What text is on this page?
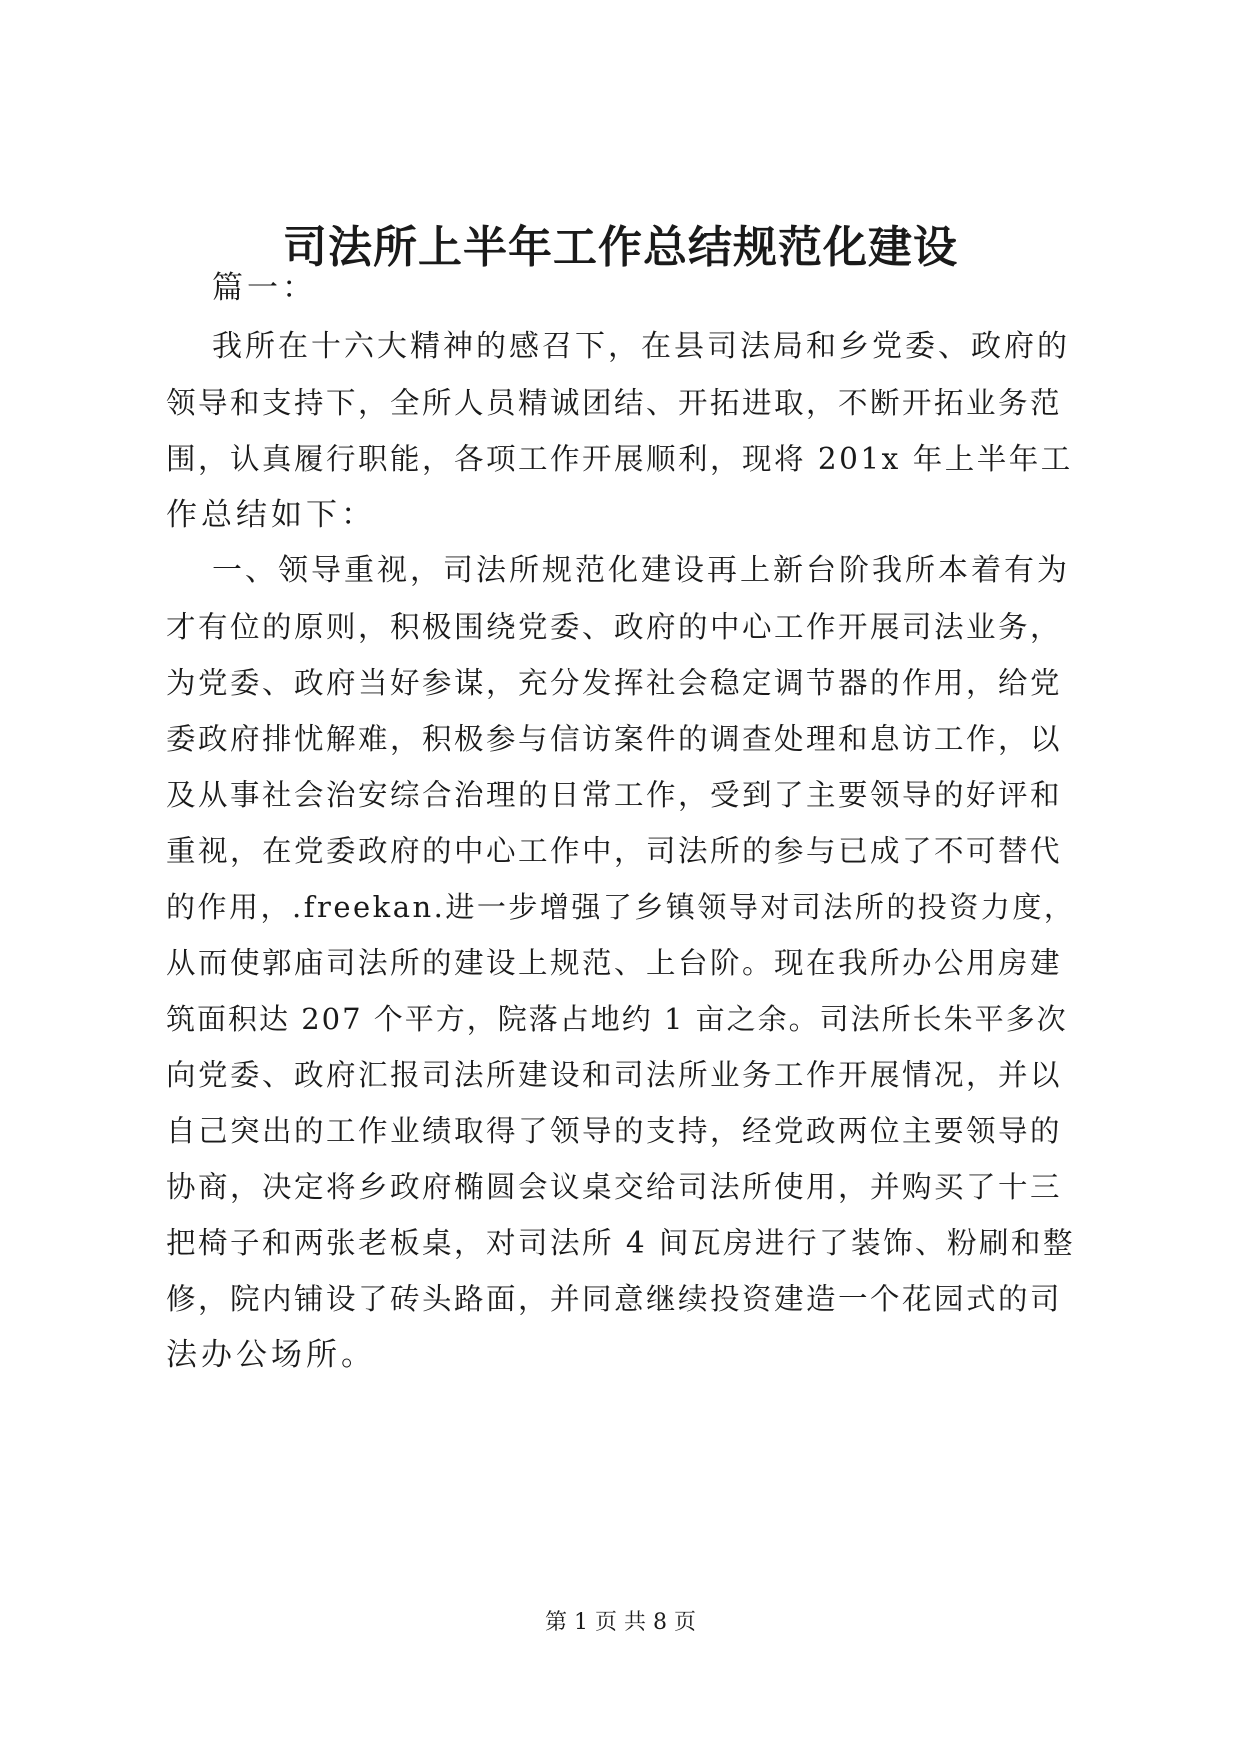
司法所上半年工作总结规范化建设
篇一：
我所在十六大精神的感召下，在县司法局和乡党委、政府的
领导和支持下，全所人员精诚团结、开拓进取，不断开拓业务范
围，认真履行职能，各项工作开展顺利，现将 201x 年上半年工
作总结如下：
一、领导重视，司法所规范化建设再上新台阶我所本着有为
才有位的原则，积极围绕党委、政府的中心工作开展司法业务，
为党委、政府当好参谋，充分发挥社会稳定调节器的作用，给党
委政府排忧解难，积极参与信访案件的调查处理和息访工作，以
及从事社会治安综合治理的日常工作，受到了主要领导的好评和
重视，在党委政府的中心工作中，司法所的参与已成了不可替代
的作用，.freekan.进一步增强了乡镇领导对司法所的投资力度，
从而使郭庙司法所的建设上规范、上台阶。现在我所办公用房建
筑面积达 207 个平方，院落占地约 1 亩之余。司法所长朱平多次
向党委、政府汇报司法所建设和司法所业务工作开展情况，并以
自己突出的工作业绩取得了领导的支持，经党政两位主要领导的
协商，决定将乡政府椭圆会议桌交给司法所使用，并购买了十三
把椅子和两张老板桌，对司法所 4 间瓦房进行了装饰、粉刷和整
修，院内铺设了砖头路面，并同意继续投资建造一个花园式的司
法办公场所。
第 1 页 共 8 页
